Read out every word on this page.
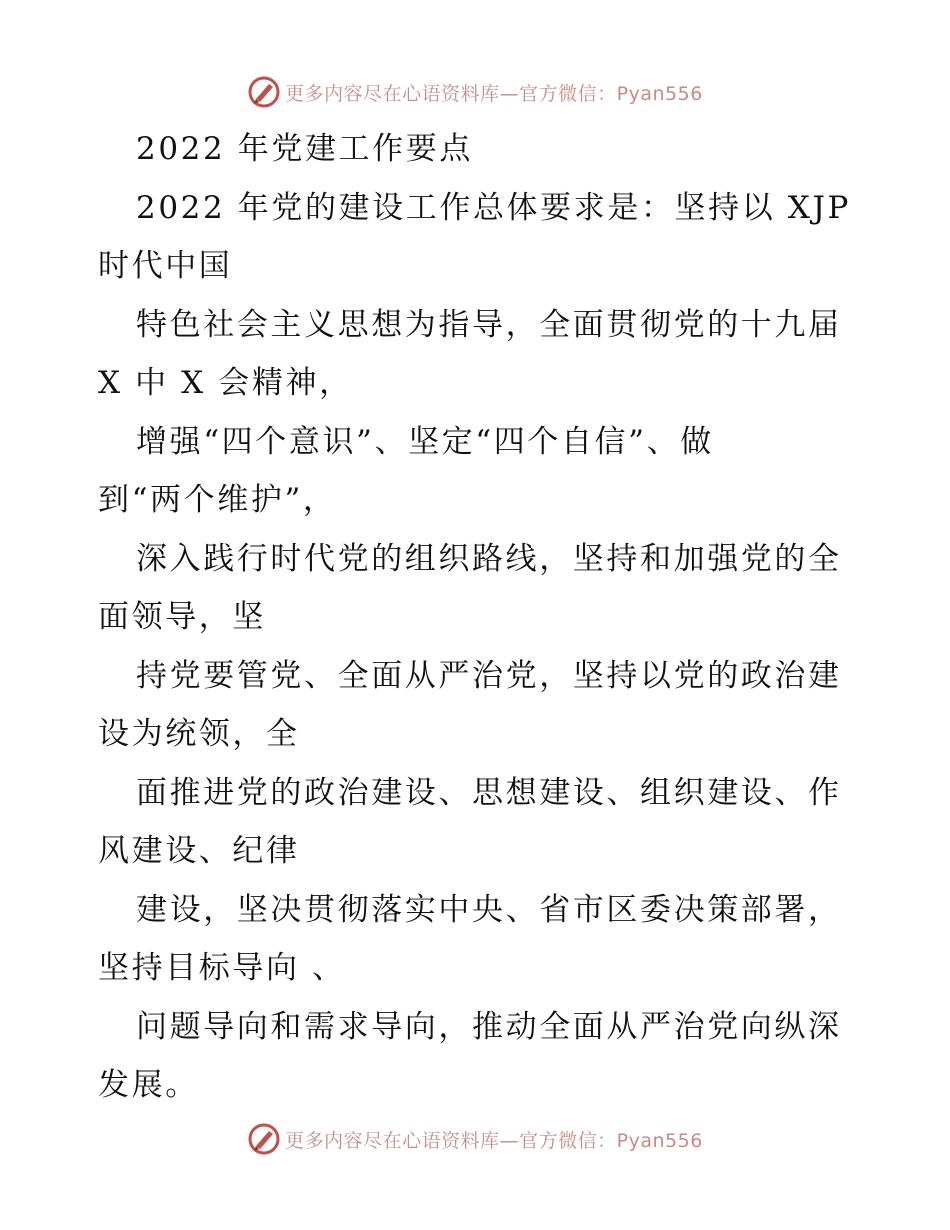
更多内容尽在心语资料库—官方微信：Pyan556
2022 年党建工作要点
2022 年党的建设工作总体要求是：坚持以 XJP
时代中国
特色社会主义思想为指导，全面贯彻党的十九届
X 中 X 会精神，
增强“四个意识”、坚定“四个自信”、做
到“两个维护”，
深入践行时代党的组织路线，坚持和加强党的全
面领导，坚
持党要管党、全面从严治党，坚持以党的政治建
设为统领，全
面推进党的政治建设、思想建设、组织建设、作
风建设、纪律
建设，坚决贯彻落实中央、省市区委决策部署，
坚持目标导向 、
问题导向和需求导向，推动全面从严治党向纵深
发展。
更多内容尽在心语资料库—官方微信：Pyan556
